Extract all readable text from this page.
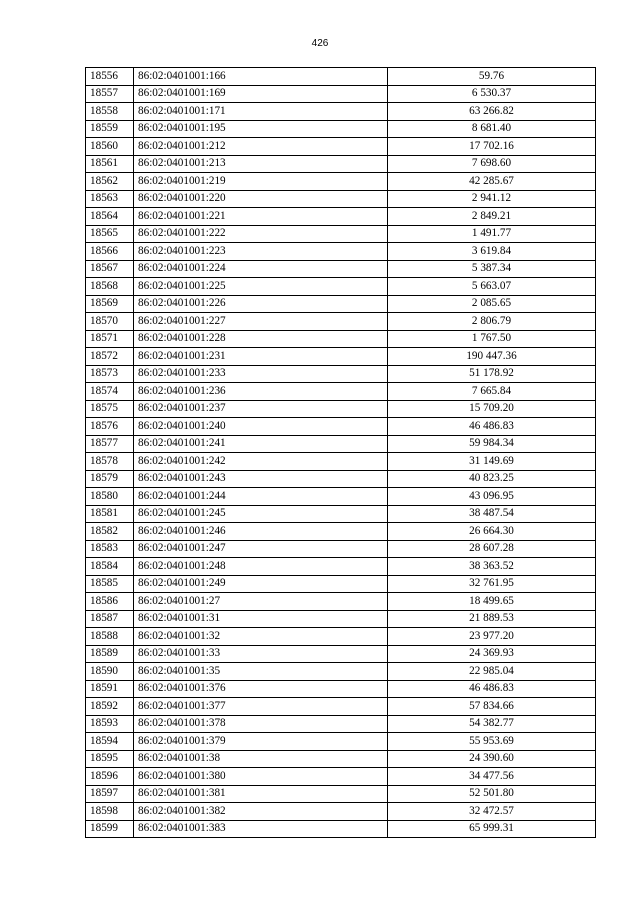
426
18556	86:02:0401001:166	59.76
18557	86:02:0401001:169	6 530.37
18558	86:02:0401001:171	63 266.82
18559	86:02:0401001:195	8 681.40
18560	86:02:0401001:212	17 702.16
18561	86:02:0401001:213	7 698.60
18562	86:02:0401001:219	42 285.67
18563	86:02:0401001:220	2 941.12
18564	86:02:0401001:221	2 849.21
18565	86:02:0401001:222	1 491.77
18566	86:02:0401001:223	3 619.84
18567	86:02:0401001:224	5 387.34
18568	86:02:0401001:225	5 663.07
18569	86:02:0401001:226	2 085.65
18570	86:02:0401001:227	2 806.79
18571	86:02:0401001:228	1 767.50
18572	86:02:0401001:231	190 447.36
18573	86:02:0401001:233	51 178.92
18574	86:02:0401001:236	7 665.84
18575	86:02:0401001:237	15 709.20
18576	86:02:0401001:240	46 486.83
18577	86:02:0401001:241	59 984.34
18578	86:02:0401001:242	31 149.69
18579	86:02:0401001:243	40 823.25
18580	86:02:0401001:244	43 096.95
18581	86:02:0401001:245	38 487.54
18582	86:02:0401001:246	26 664.30
18583	86:02:0401001:247	28 607.28
18584	86:02:0401001:248	38 363.52
18585	86:02:0401001:249	32 761.95
18586	86:02:0401001:27	18 499.65
18587	86:02:0401001:31	21 889.53
18588	86:02:0401001:32	23 977.20
18589	86:02:0401001:33	24 369.93
18590	86:02:0401001:35	22 985.04
18591	86:02:0401001:376	46 486.83
18592	86:02:0401001:377	57 834.66
18593	86:02:0401001:378	54 382.77
18594	86:02:0401001:379	55 953.69
18595	86:02:0401001:38	24 390.60
18596	86:02:0401001:380	34 477.56
18597	86:02:0401001:381	52 501.80
18598	86:02:0401001:382	32 472.57
18599	86:02:0401001:383	65 999.31
